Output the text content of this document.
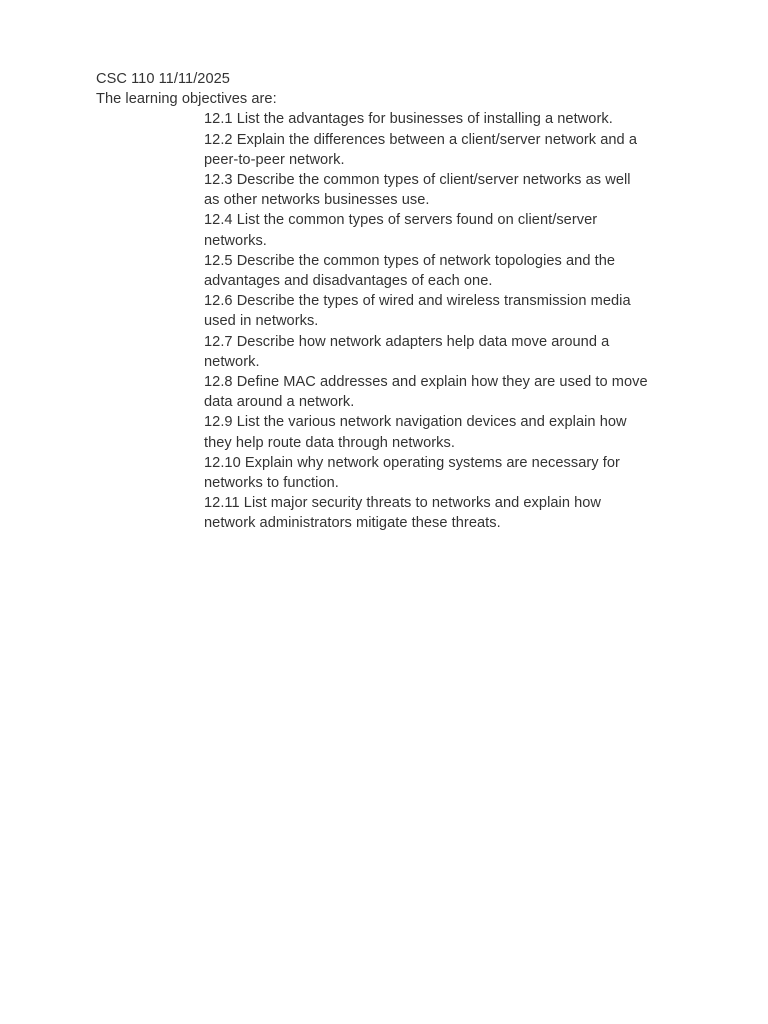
CSC 110 11/11/2025

The learning objectives are:

12.1 List the advantages for businesses of installing a network.
12.2 Explain the differences between a client/server network and a
peer-to-peer network.
12.3 Describe the common types of client/server networks as well
as other networks businesses use.
12.4 List the common types of servers found on client/server
networks.
12.5 Describe the common types of network topologies and the
advantages and disadvantages of each one.
12.6 Describe the types of wired and wireless transmission media
used in networks.
12.7 Describe how network adapters help data move around a
network.
12.8 Define MAC addresses and explain how they are used to move
data around a network.
12.9 List the various network navigation devices and explain how
they help route data through networks.
12.10 Explain why network operating systems are necessary for
networks to function.
12.11 List major security threats to networks and explain how
network administrators mitigate these threats.
